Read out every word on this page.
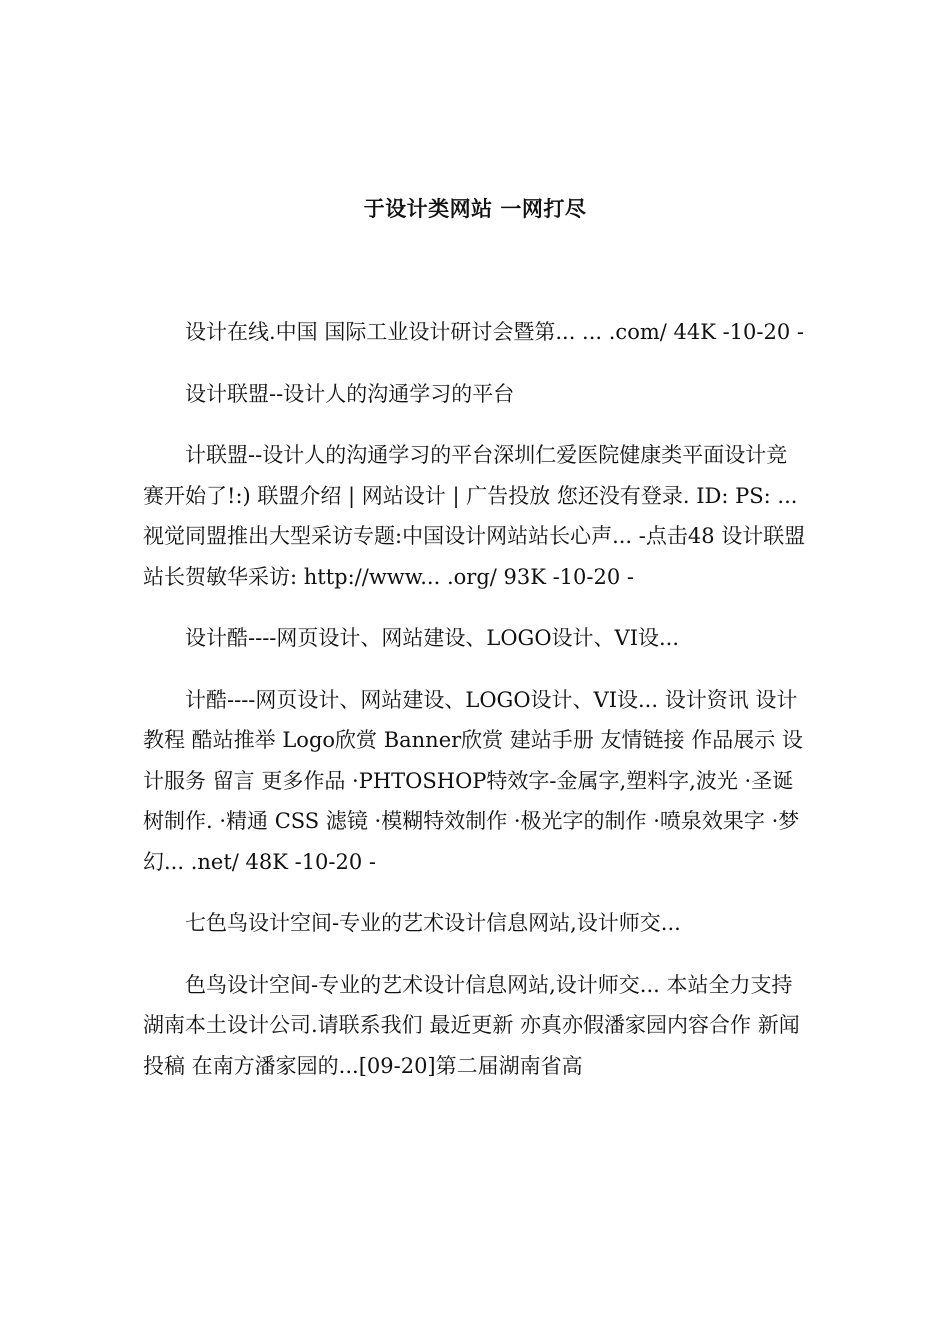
于设计类网站 一网打尽

设计在线.中国 国际工业设计研讨会暨第... ... .com/ 44K -10-20 -

设计联盟--设计人的沟通学习的平台

计联盟--设计人的沟通学习的平台深圳仁爱医院健康类平面设计竞赛开始了!:) 联盟介绍 | 网站设计 | 广告投放 您还没有登录. ID: PS: ...视觉同盟推出大型采访专题:中国设计网站站长心声... -点击48 设计联盟站长贺敏华采访: http://www... .org/ 93K -10-20 -

设计酷----网页设计、网站建设、LOGO设计、VI设...

计酷----网页设计、网站建设、LOGO设计、VI设... 设计资讯 设计教程 酷站推举 Logo欣赏 Banner欣赏 建站手册 友情链接 作品展示 设计服务 留言 更多作品 ·PHTOSHOP特效字-金属字,塑料字,波光 ·圣诞树制作. ·精通 CSS 滤镜 ·模糊特效制作 ·极光字的制作 ·喷泉效果字 ·梦幻... .net/ 48K -10-20 -

七色鸟设计空间-专业的艺术设计信息网站,设计师交...

色鸟设计空间-专业的艺术设计信息网站,设计师交... 本站全力支持湖南本土设计公司.请联系我们 最近更新 亦真亦假潘家园内容合作 新闻投稿 在南方潘家园的...[09-20]第二届湖南省高
